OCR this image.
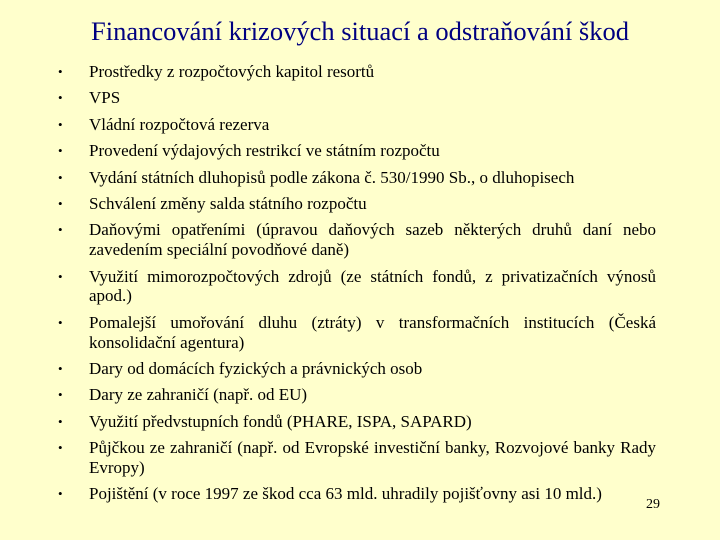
Financování krizových situací a odstraňování škod
• Prostředky z rozpočtových kapitol resortů
• VPS
• Vládní rozpočtová rezerva
• Provedení výdajových restrikcí ve státním rozpočtu
• Vydání státních dluhopisů podle zákona č. 530/1990 Sb., o dluhopisech
• Schválení změny salda státního rozpočtu
• Daňovými opatřeními (úpravou daňových sazeb některých druhů daní nebo zavedením speciální povodňové daně)
• Využití mimorozpočtových zdrojů (ze státních fondů, z privatizačních výnosů apod.)
• Pomalejší umořování dluhu (ztráty) v transformačních institucích (Česká konsolidační agentura)
• Dary od domácích fyzických a právnických osob
• Dary ze zahraničí (např. od EU)
• Využití předvstupních fondů (PHARE, ISPA, SAPARD)
• Půjčkou ze zahraničí (např. od Evropské investiční banky, Rozvojové banky Rady Evropy)
• Pojištění (v roce 1997 ze škod cca 63 mld. uhradily pojišťovny asi 10 mld.)
29
